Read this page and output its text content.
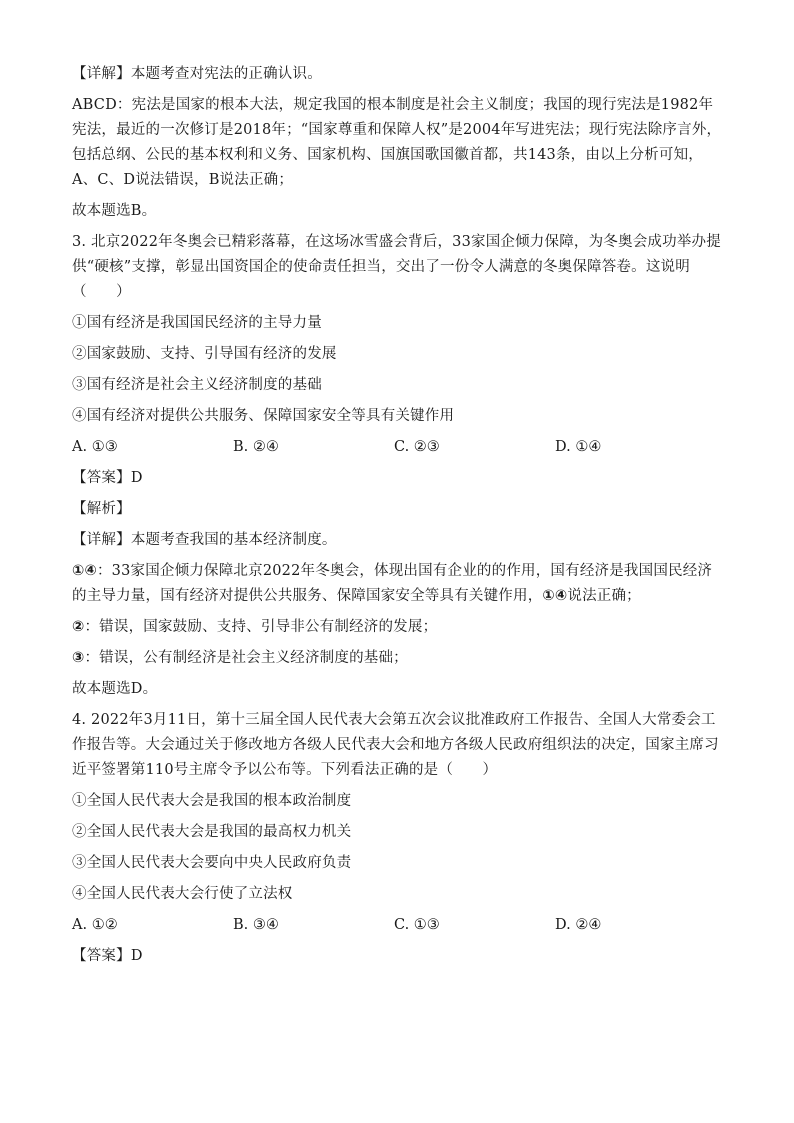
【详解】本题考查对宪法的正确认识。

ABCD：宪法是国家的根本大法，规定我国的根本制度是社会主义制度；我国的现行宪法是1982年宪法，最近的一次修订是2018年；“国家尊重和保障人权”是2004年写进宪法；现行宪法除序言外，包括总纲、公民的基本权利和义务、国家机构、国旗国歌国徽首都，共143条，由以上分析可知，A、C、D说法错误，B说法正确；

故本题选B。

3. 北京2022年冬奥会已精彩落幕，在这场冰雪盛会背后，33家国企倾力保障，为冬奥会成功举办提供“硬核”支撑，彰显出国资国企的使命责任担当，交出了一份令人满意的冬奥保障答卷。这说明（　　）

①国有经济是我国国民经济的主导力量

②国家鼓励、支持、引导国有经济的发展

③国有经济是社会主义经济制度的基础

④国有经济对提供公共服务、保障国家安全等具有关键作用

A. ①③	B. ②④	C. ②③	D. ①④

【答案】D

【解析】

【详解】本题考查我国的基本经济制度。

①④：33家国企倾力保障北京2022年冬奥会，体现出国有企业的的作用，国有经济是我国国民经济的主导力量，国有经济对提供公共服务、保障国家安全等具有关键作用，①④说法正确；

②：错误，国家鼓励、支持、引导非公有制经济的发展；

③：错误，公有制经济是社会主义经济制度的基础；

故本题选D。

4. 2022年3月11日，第十三届全国人民代表大会第五次会议批准政府工作报告、全国人大常委会工作报告等。大会通过关于修改地方各级人民代表大会和地方各级人民政府组织法的决定，国家主席习近平签署第110号主席令予以公布等。下列看法正确的是（　　）

①全国人民代表大会是我国的根本政治制度

②全国人民代表大会是我国的最高权力机关

③全国人民代表大会要向中央人民政府负责

④全国人民代表大会行使了立法权

A. ①②	B. ③④	C. ①③	D. ②④

【答案】D
